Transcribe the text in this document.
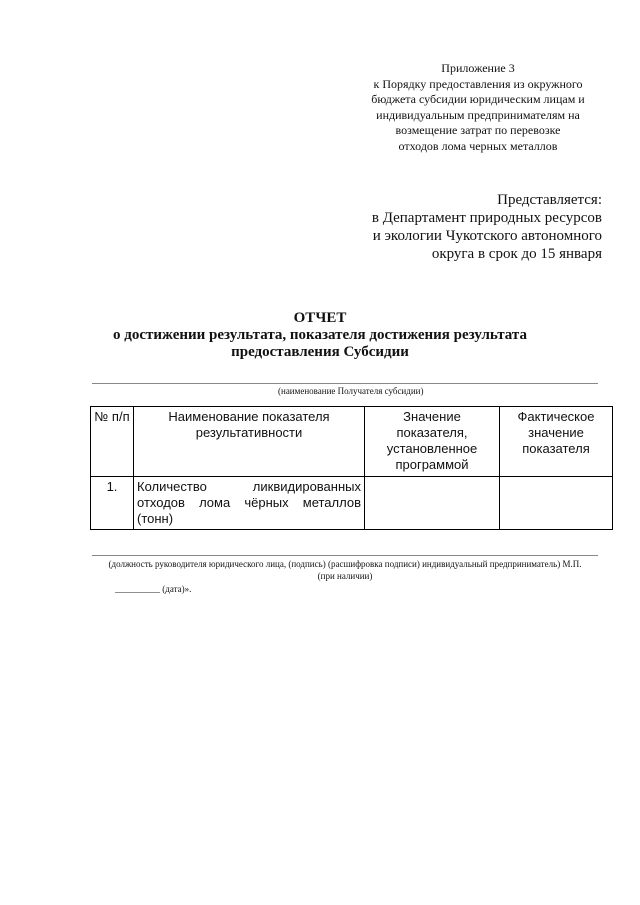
Приложение 3
к Порядку предоставления из окружного
бюджета субсидии юридическим лицам и
индивидуальным предпринимателям на
возмещение затрат по перевозке
отходов лома черных металлов
Представляется:
в Департамент природных ресурсов
и экологии Чукотского автономного
округа в срок до 15 января
ОТЧЕТ
о достижении результата, показателя достижения результата
предоставления Субсидии
(наименование Получателя субсидии)
№ п/п	Наименование показателя результативности	Значение показателя, установленное программой	Фактическое значение показателя
1.	Количество ликвидированных отходов лома чёрных металлов (тонн)		
(должность руководителя юридического лица, (подпись) (расшифровка подписи) индивидуальный предприниматель) М.П. (при наличии)
__________ (дата)».
